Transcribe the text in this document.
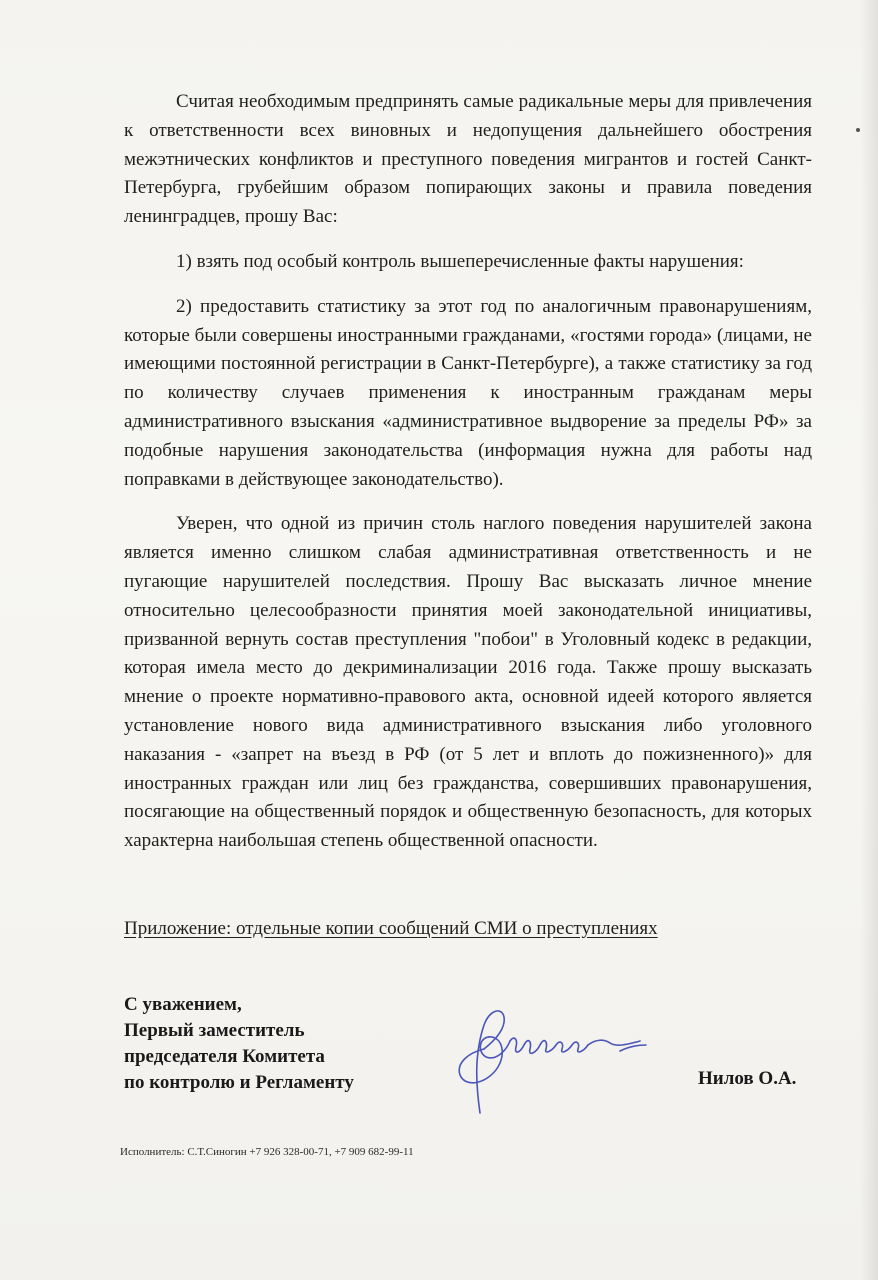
Считая необходимым предпринять самые радикальные меры для привлечения к ответственности всех виновных и недопущения дальнейшего обострения межэтнических конфликтов и преступного поведения мигрантов и гостей Санкт-Петербурга, грубейшим образом попирающих законы и правила поведения ленинградцев, прошу Вас:

1) взять под особый контроль вышеперечисленные факты нарушения:

2) предоставить статистику за этот год по аналогичным правонарушениям, которые были совершены иностранными гражданами, «гостями города» (лицами, не имеющими постоянной регистрации в Санкт-Петербурге), а также статистику за год по количеству случаев применения к иностранным гражданам меры административного взыскания «административное выдворение за пределы РФ» за подобные нарушения законодательства (информация нужна для работы над поправками в действующее законодательство).

Уверен, что одной из причин столь наглого поведения нарушителей закона является именно слишком слабая административная ответственность и не пугающие нарушителей последствия. Прошу Вас высказать личное мнение относительно целесообразности принятия моей законодательной инициативы, призванной вернуть состав преступления "побои" в Уголовный кодекс в редакции, которая имела место до декриминализации 2016 года. Также прошу высказать мнение о проекте нормативно-правового акта, основной идеей которого является установление нового вида административного взыскания либо уголовного наказания - «запрет на въезд в РФ (от 5 лет и вплоть до пожизненного)» для иностранных граждан или лиц без гражданства, совершивших правонарушения, посягающие на общественный порядок и общественную безопасность, для которых характерна наибольшая степень общественной опасности.

Приложение: отдельные копии сообщений СМИ о преступлениях
С уважением,
Первый заместитель
председателя Комитета
по контролю и Регламенту	Нилов О.А.
Исполнитель: С.Т.Синогин +7 926 328-00-71, +7 909 682-99-11
